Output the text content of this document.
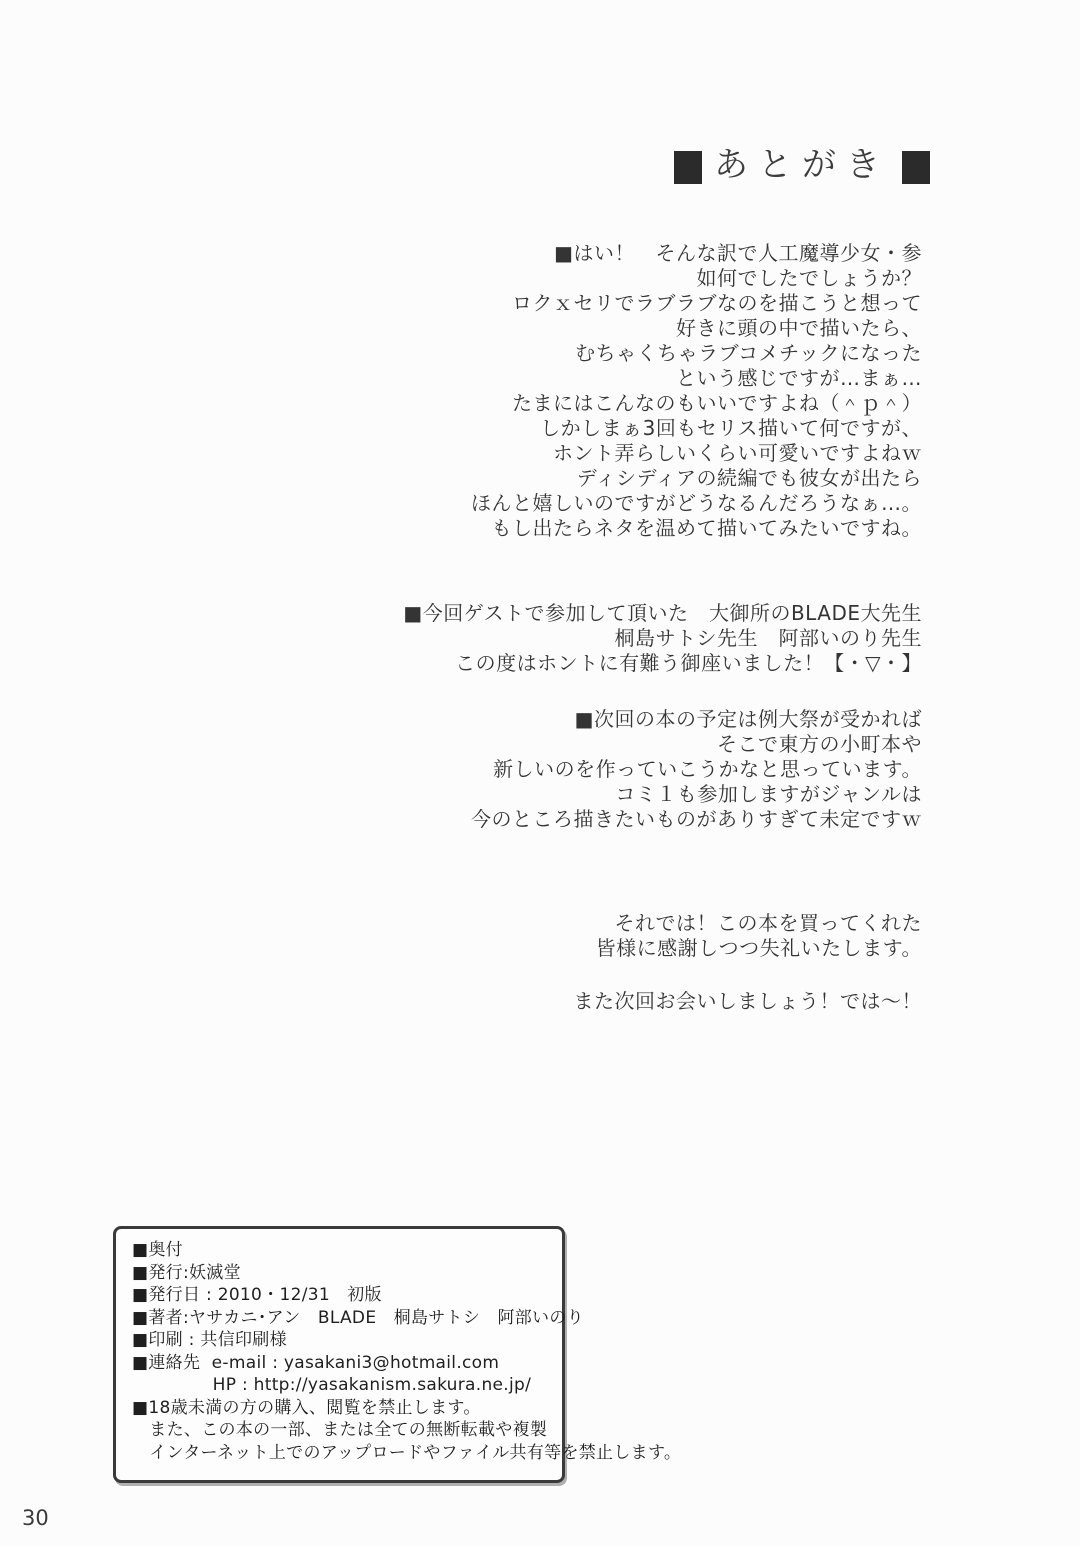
あとがき
■はい！　そんな訳で人工魔導少女・参
如何でしたでしょうか？
ロクｘセリでラブラブなのを描こうと想って
好きに頭の中で描いたら、
むちゃくちゃラブコメチックになった
という感じですが…まぁ…
たまにはこんなのもいいですよね（＾ｐ＾）
しかしまぁ3回もセリス描いて何ですが、
ホント弄らしいくらい可愛いですよねｗ
ディシディアの続編でも彼女が出たら
ほんと嬉しいのですがどうなるんだろうなぁ…。
もし出たらネタを温めて描いてみたいですね。
■今回ゲストで参加して頂いた　大御所のBLADE大先生
桐島サトシ先生　阿部いのり先生
この度はホントに有難う御座いました！【・▽・】
■次回の本の予定は例大祭が受かれば
そこで東方の小町本や
新しいのを作っていこうかなと思っています。
コミ１も参加しますがジャンルは
今のところ描きたいものがありすぎて未定ですｗ
それでは！この本を買ってくれた
皆様に感謝しつつ失礼いたします。
また次回お会いしましょう！では～！
■奥付
■発行:妖滅堂
■発行日 : 2010・12/31　初版
■著者:ヤサカニ･アン　BLADE　桐島サトシ　阿部いのり
■印刷 : 共信印刷様
■連絡先  e-mail : yasakani3@hotmail.com
　　　　  HP : http://yasakanism.sakura.ne.jp/
■18歳未満の方の購入、閲覧を禁止します。
　また、この本の一部、または全ての無断転載や複製
　インターネット上でのアップロードやファイル共有等を禁止します。
30
